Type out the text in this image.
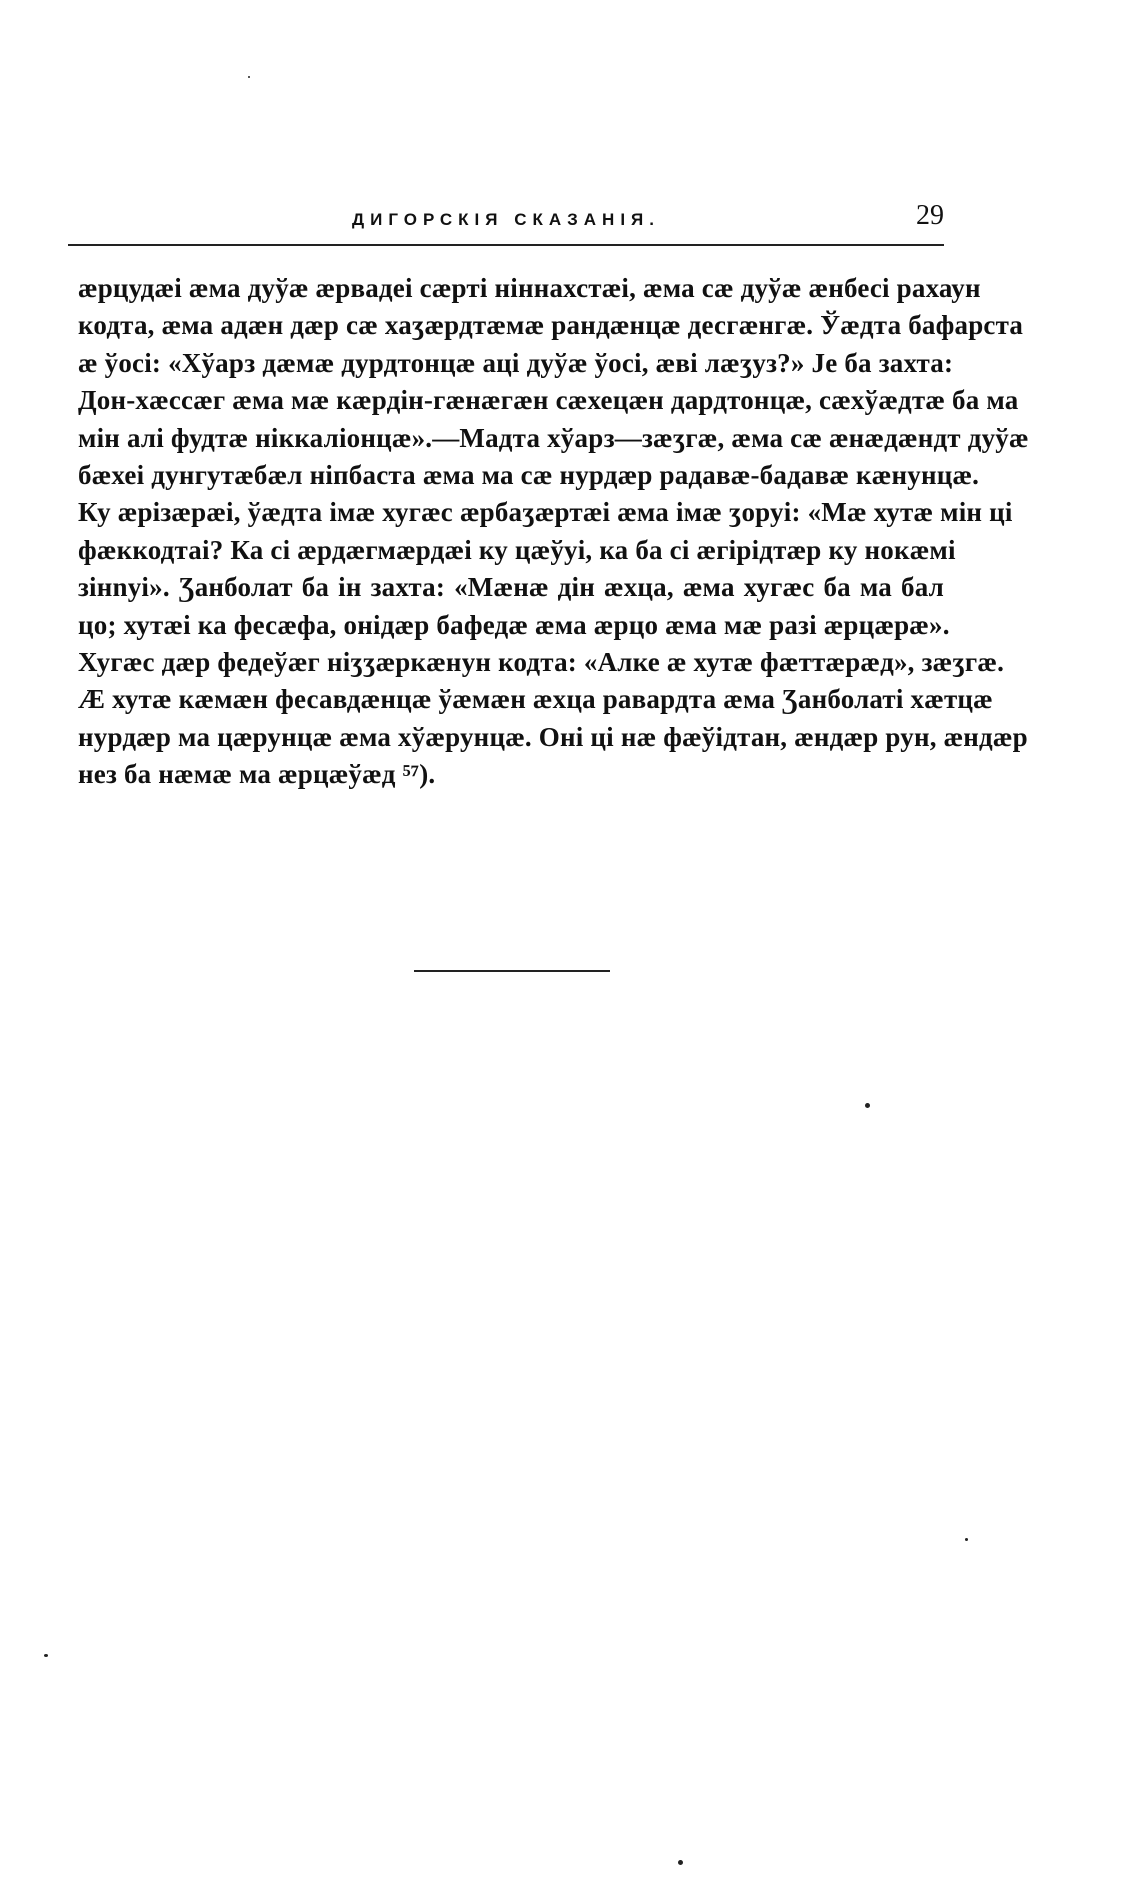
ДИГОРСКІЯ СКАЗАНІЯ.	29
æрцудæі æма дуўæ æрвадеі сæрті ніннахстæі, æма сæ дуўæ æнбесі рахаун
кодта, æма адæн дæр сæ хаʒæрдтæмæ рандæнцæ десгæнгæ. Ўæдта бафарста
æ ўосі: «Хўарз дæмæ дурдтонцæ аці дуўæ ўосі, æві лæʒуз?» Јe ба захта:
Дон-хæссæг æма мæ кæрдін-гæнæгæн сæхецæн дардтонцæ, сæхўæдтæ ба ма
мін алі фудтæ ніккаліонцæ».—Мадта хўарз—зæʒгæ, æма сæ æнæдæндт дуўæ
бæхеі дунгутæбæл ніпбаста æма ма сæ нурдæр радавæ-бадавæ кæнунцæ.
Ку æрізæрæі, ўæдта імæ хугæс æрбаʒæртæі æма імæ ʒоруі: «Мæ хутæ мін ці
фæккодтаі? Ка сі æрдæгмæрдæі ку цæўуі, ка ба сі æгірідтæр ку нoкæмі
зінnуі». Ʒанболат ба ін захта: «Мæнæ дін æхца, æма хугæс ба ма бал
цо; хутæі ка фесæфа, онідæр бафедæ æма æрцо æма мæ разі æрцæрæ».
Хугæс дæр федеўæг ніʒʒæркæнун кодта: «Алке æ хутæ фæттæрæд», зæʒгæ.
Æ хутæ кæмæн фесавдæнцæ ўæмæн æхца равардта æма Ʒанболаті хæтцæ
нурдæр ма цæрунцæ æма хўæрунцæ. Оні ці нæ фæўідтан, æндæр рун, æндæр
нез ба нæмæ ма æрцæўæд ⁵⁷).
